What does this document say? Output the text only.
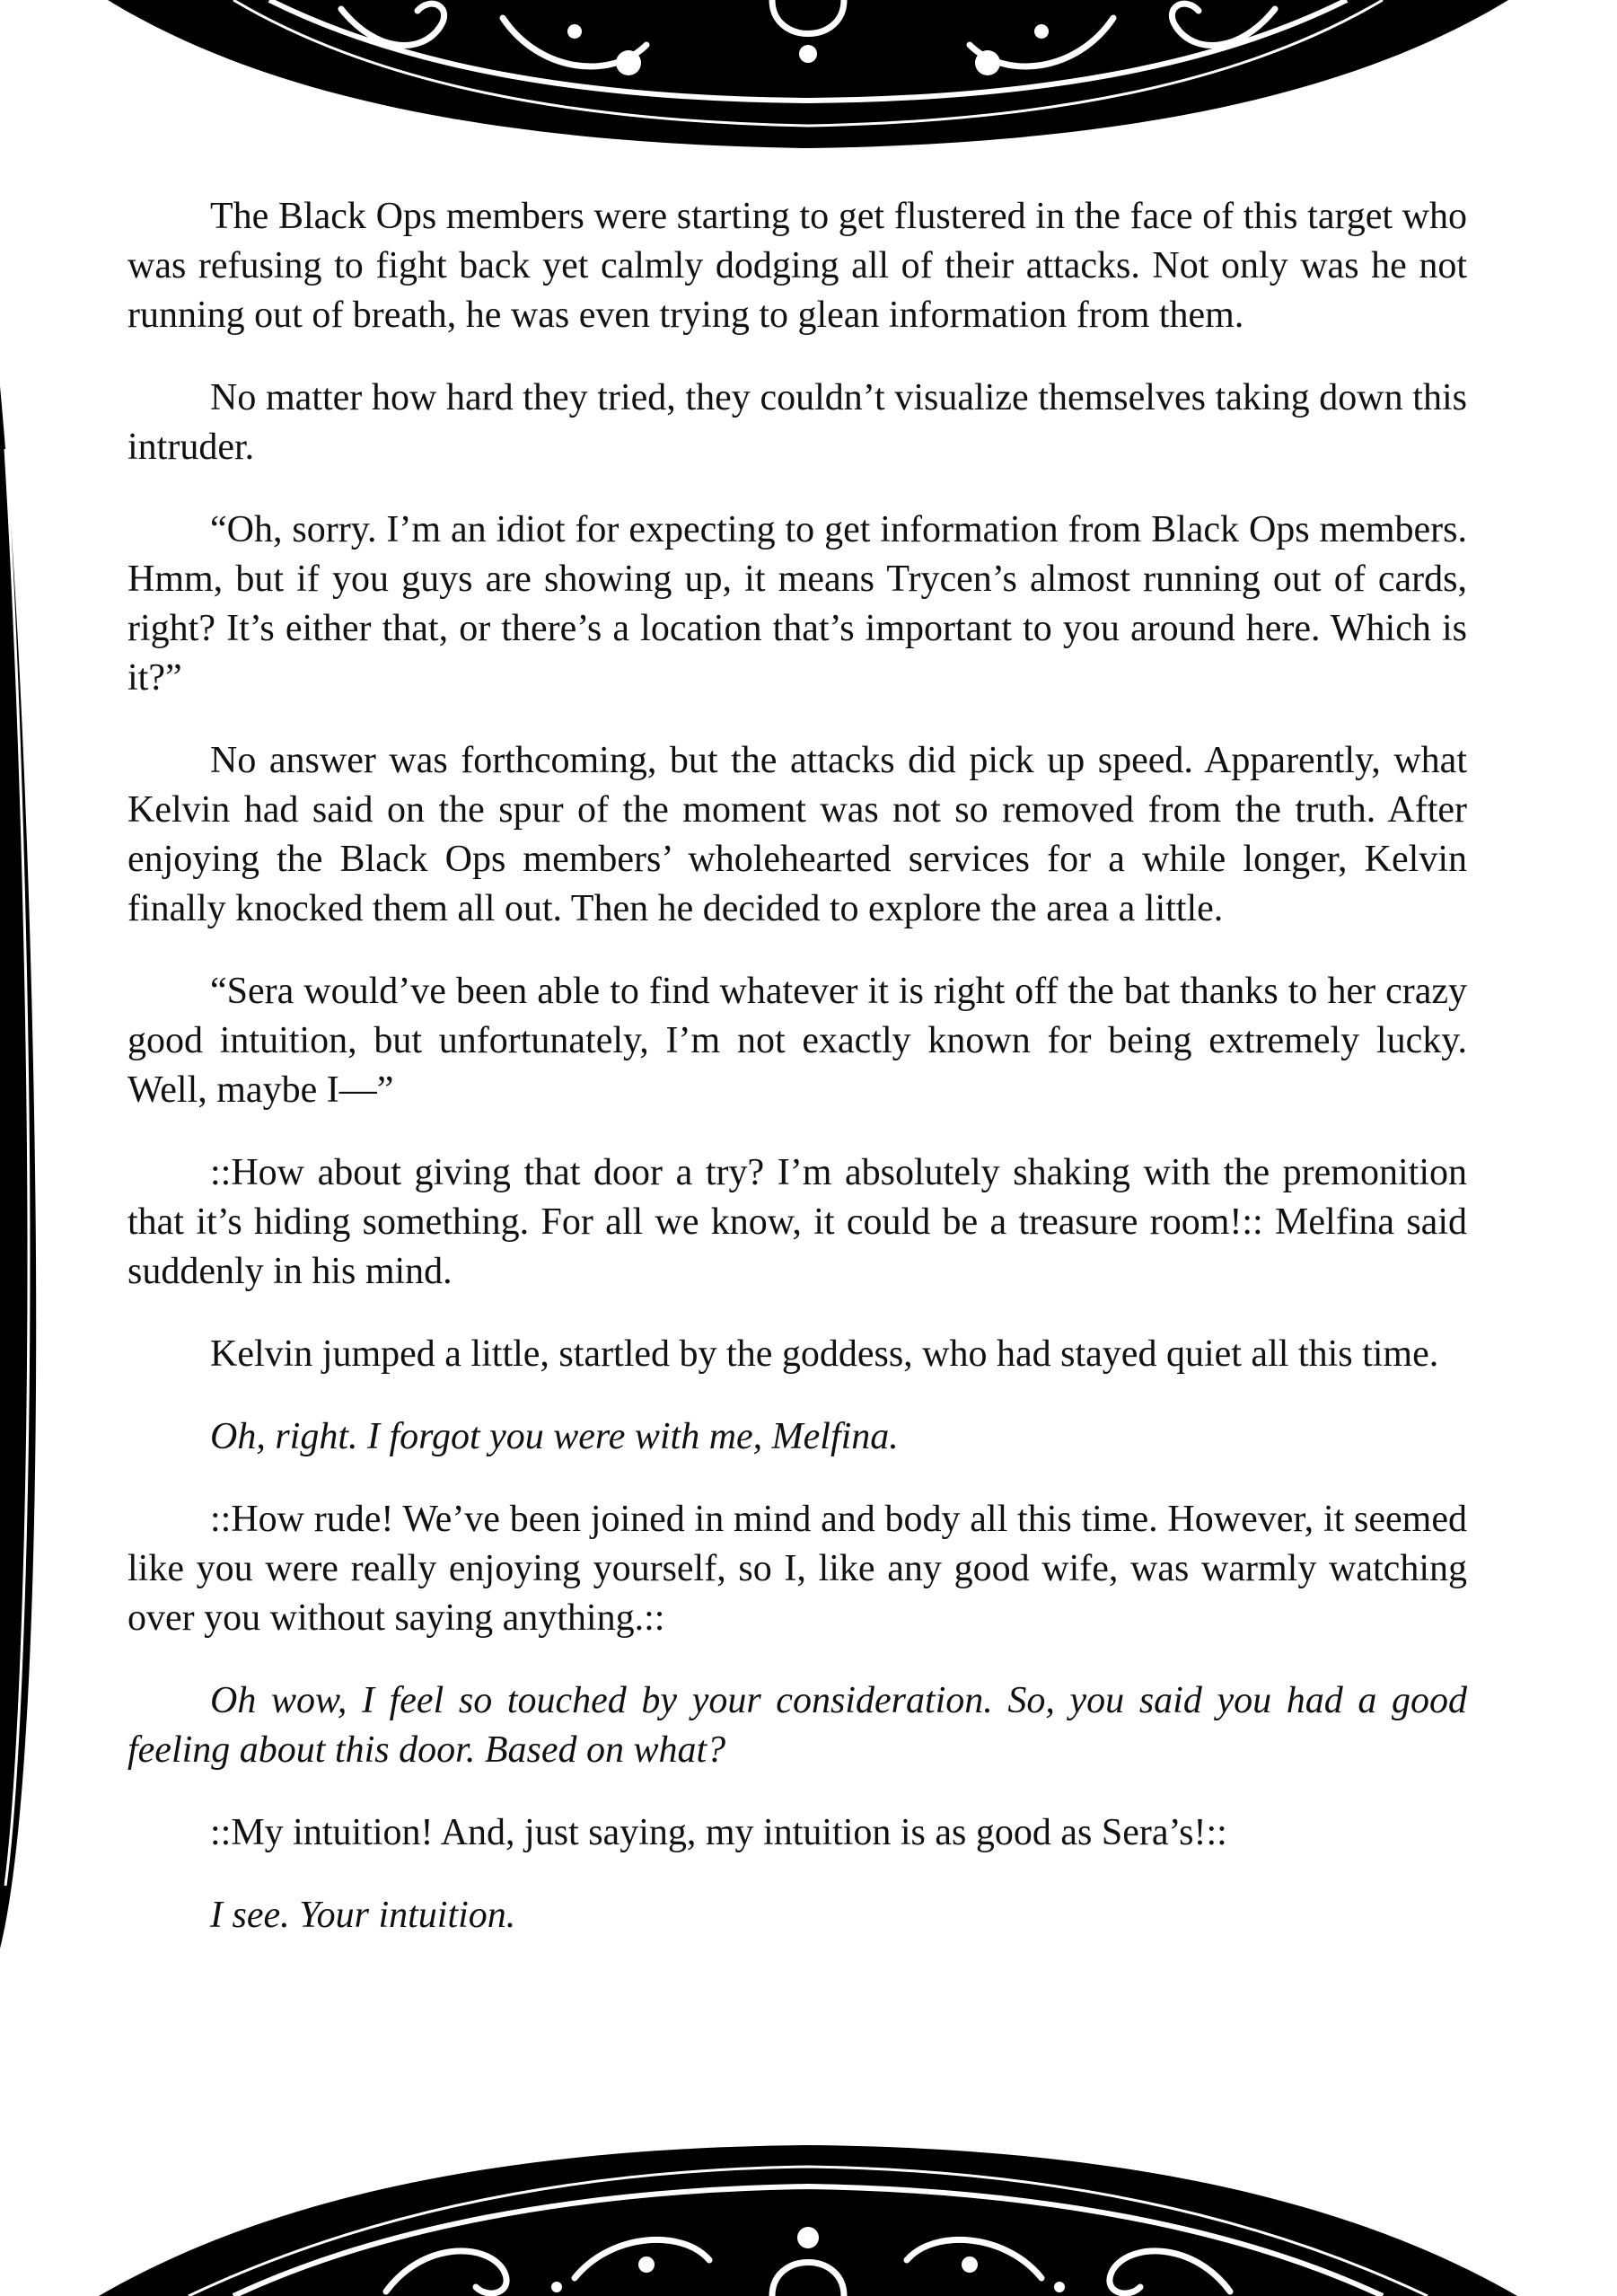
The Black Ops members were starting to get flustered in the face of this target who was refusing to fight back yet calmly dodging all of their attacks. Not only was he not running out of breath, he was even trying to glean information from them.

No matter how hard they tried, they couldn’t visualize themselves taking down this intruder.

“Oh, sorry. I’m an idiot for expecting to get information from Black Ops members. Hmm, but if you guys are showing up, it means Trycen’s almost running out of cards, right? It’s either that, or there’s a location that’s important to you around here. Which is it?”

No answer was forthcoming, but the attacks did pick up speed. Apparently, what Kelvin had said on the spur of the moment was not so removed from the truth. After enjoying the Black Ops members’ wholehearted services for a while longer, Kelvin finally knocked them all out. Then he decided to explore the area a little.

“Sera would’ve been able to find whatever it is right off the bat thanks to her crazy good intuition, but unfortunately, I’m not exactly known for being extremely lucky. Well, maybe I—”

::How about giving that door a try? I’m absolutely shaking with the premonition that it’s hiding something. For all we know, it could be a treasure room!:: Melfina said suddenly in his mind.

Kelvin jumped a little, startled by the goddess, who had stayed quiet all this time.

Oh, right. I forgot you were with me, Melfina.

::How rude! We’ve been joined in mind and body all this time. However, it seemed like you were really enjoying yourself, so I, like any good wife, was warmly watching over you without saying anything.::

Oh wow, I feel so touched by your consideration. So, you said you had a good feeling about this door. Based on what?

::My intuition! And, just saying, my intuition is as good as Sera’s!::

I see. Your intuition.
